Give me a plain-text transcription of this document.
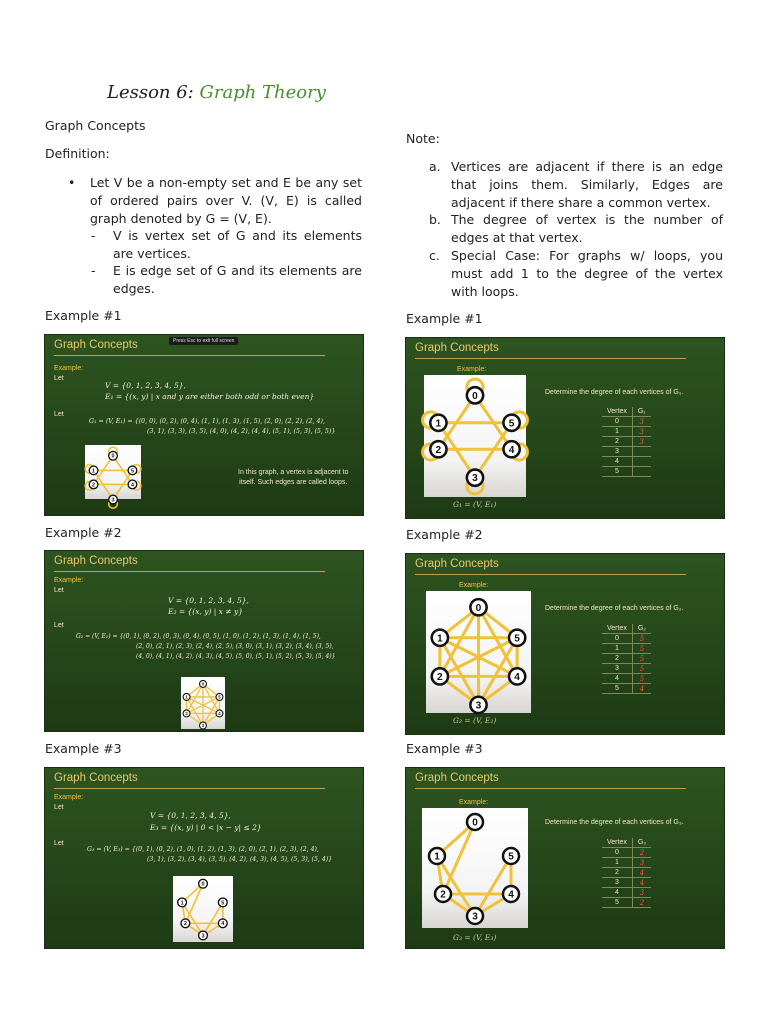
Lesson 6: Graph Theory
Graph Concepts
Definition:
• Let V be a non-empty set and E be any set of ordered pairs over V. (V, E) is called graph denoted by G = (V, E).
- V is vertex set of G and its elements are vertices.
- E is edge set of G and its elements are edges.
Note:
a. Vertices are adjacent if there is an edge that joins them. Similarly, Edges are adjacent if there share a common vertex.
b. The degree of vertex is the number of edges at that vertex.
c. Special Case: For graphs w/ loops, you must add 1 to the degree of the vertex with loops.
Example #1	Example #1
Example #2	Example #2
Example #3	Example #3
Graph Concepts	Press Esc to exit full screen
Example:
Let
V = {0, 1, 2, 3, 4, 5},
E₁ = {(x, y) | x and y are either both odd or both even}
Let
G₁ = (V, E₁) = {(0, 0), (0, 2), (0, 4), (1, 1), (1, 3), (1, 5), (2, 0), (2, 2), (2, 4),
(3, 1), (3, 3), (3, 5), (4, 0), (4, 2), (4, 4), (5, 1), (5, 3), (5, 5)}
0
1
2
3
4
5	In this graph, a vertex is adjacent to
itself. Such edges are called loops.
Graph Concepts
Example:
0
1
2
3
4
5
G₁ = (V, E₁)
Determine the degree of each vertices of G₁.
Vertex	G₁
0	3
1	3
2	3
3	
4	
5	
Graph Concepts
Example:
Let
V = {0, 1, 2, 3, 4, 5},
E₂ = {(x, y) | x ≠ y}
Let
G₂ = (V, E₂) = {(0, 1), (0, 2), (0, 3), (0, 4), (0, 5), (1, 0), (1, 2), (1, 3), (1, 4), (1, 5),
(2, 0), (2, 1), (2, 3), (2, 4), (2, 5), (3, 0), (3, 1), (3, 2), (3, 4), (3, 5),
(4, 0), (4, 1), (4, 2), (4, 3), (4, 5), (5, 0), (5, 1), (5, 2), (5, 3), (5, 4)}
0
1
2
3
4
5
Graph Concepts
Example:
0
1
2
3
4
5
G₂ = (V, E₂)
Determine the degree of each vertices of G₂.
Vertex	G₂
0	5
1	5
2	5
3	5
4	5
5	4
Graph Concepts
Example:
Let
V = {0, 1, 2, 3, 4, 5},
E₃ = {(x, y) | 0 < |x − y| ≤ 2}
Let
G₃ = (V, E₃) = {(0, 1), (0, 2), (1, 0), (1, 2), (1, 3), (2, 0), (2, 1), (2, 3), (2, 4),
(3, 1), (3, 2), (3, 4), (3, 5), (4, 2), (4, 3), (4, 5), (5, 3), (5, 4)}
0
1
2
3
4
5
Graph Concepts
Example:
0
1
2
3
4
5
G₃ = (V, E₃)
Determine the degree of each vertices of G₃.
Vertex	G₃
0	2
1	3
2	4
3	4
4	3
5	2
